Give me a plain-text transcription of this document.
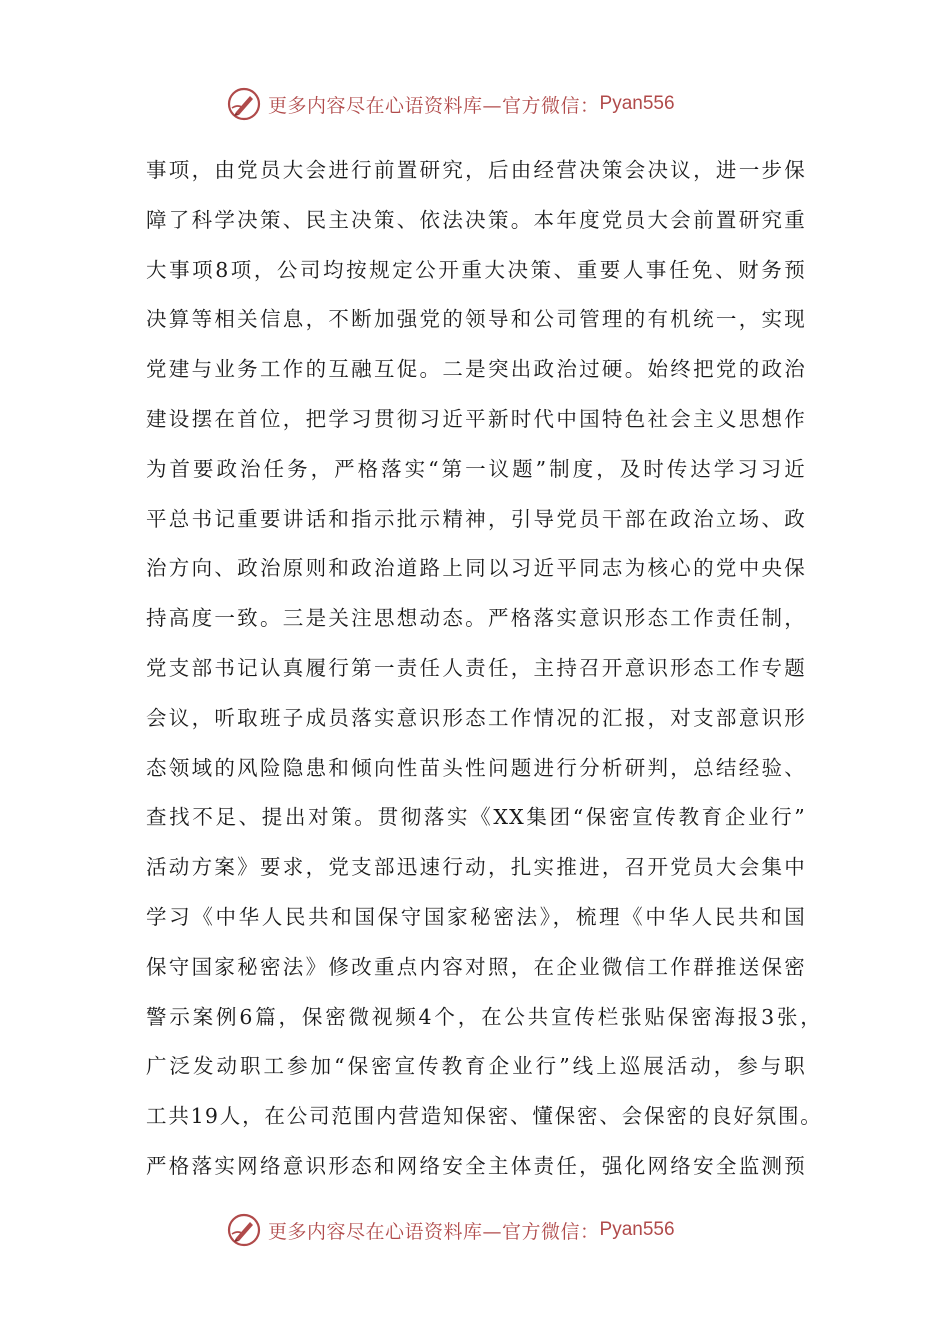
更多内容尽在心语资料库—官方微信： Pyan556
事项，由党员大会进行前置研究，后由经营决策会决议，进一步保
障了科学决策、民主决策、依法决策。本年度党员大会前置研究重
大事项8项，公司均按规定公开重大决策、重要人事任免、财务预
决算等相关信息，不断加强党的领导和公司管理的有机统一，实现
党建与业务工作的互融互促。二是突出政治过硬。始终把党的政治
建设摆在首位，把学习贯彻习近平新时代中国特色社会主义思想作
为首要政治任务，严格落实“第一议题”制度，及时传达学习习近
平总书记重要讲话和指示批示精神，引导党员干部在政治立场、政
治方向、政治原则和政治道路上同以习近平同志为核心的党中央保
持高度一致。三是关注思想动态。严格落实意识形态工作责任制，
党支部书记认真履行第一责任人责任，主持召开意识形态工作专题
会议，听取班子成员落实意识形态工作情况的汇报，对支部意识形
态领域的风险隐患和倾向性苗头性问题进行分析研判，总结经验、
查找不足、提出对策。贯彻落实《XX集团“保密宣传教育企业行”
活动方案》要求，党支部迅速行动，扎实推进，召开党员大会集中
学习《中华人民共和国保守国家秘密法》，梳理《中华人民共和国
保守国家秘密法》修改重点内容对照，在企业微信工作群推送保密
警示案例6篇，保密微视频4个，在公共宣传栏张贴保密海报3张，
广泛发动职工参加“保密宣传教育企业行”线上巡展活动，参与职
工共19人，在公司范围内营造知保密、懂保密、会保密的良好氛围。
严格落实网络意识形态和网络安全主体责任，强化网络安全监测预
更多内容尽在心语资料库—官方微信： Pyan556
